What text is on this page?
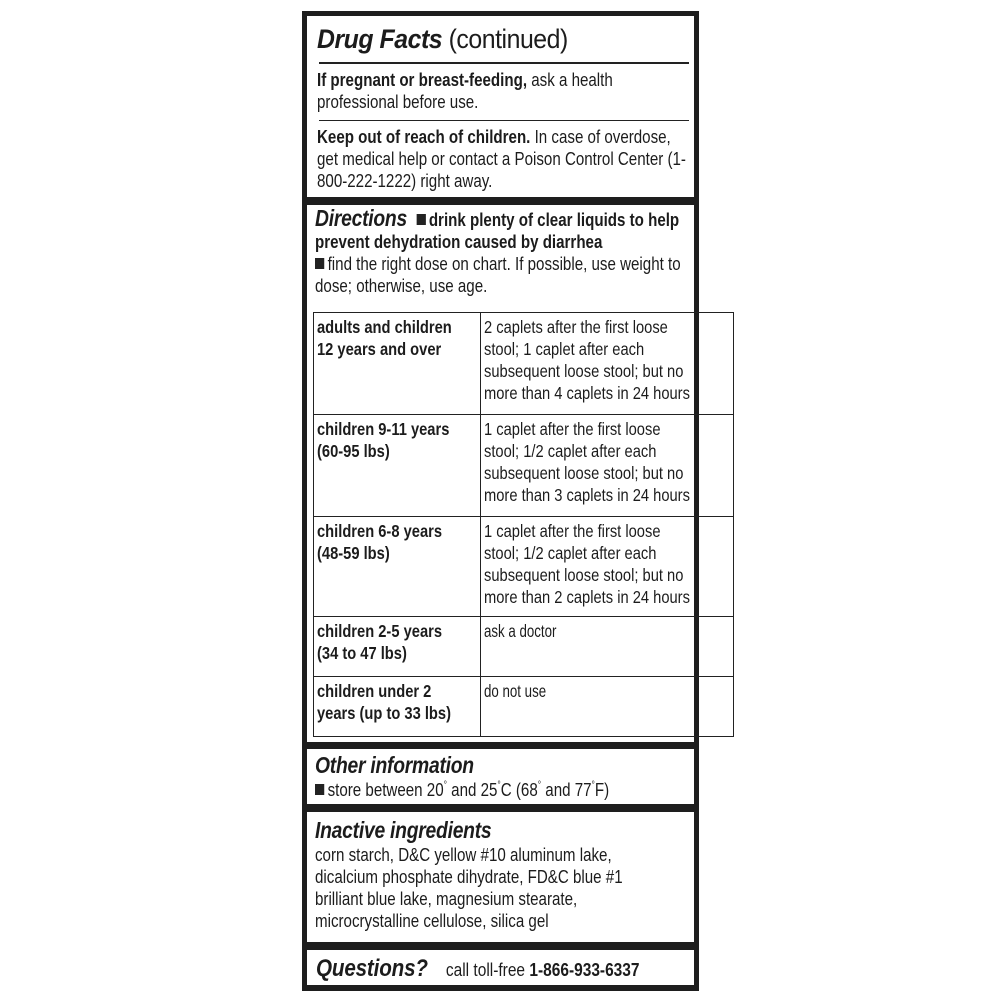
Drug Facts (continued)
If pregnant or breast-feeding, ask a health professional before use.
Keep out of reach of children. In case of overdose, get medical help or contact a Poison Control Center (1-800-222-1222) right away.
Directions drink plenty of clear liquids to help prevent dehydration caused by diarrhea
find the right dose on chart. If possible, use weight to dose; otherwise, use age.
adults and children
12 years and over	2 caplets after the first loose
stool; 1 caplet after each
subsequent loose stool; but no
more than 4 caplets in 24 hours

children 9-11 years
(60-95 lbs)	1 caplet after the first loose
stool; 1/2 caplet after each
subsequent loose stool; but no
more than 3 caplets in 24 hours

children 6-8 years
(48-59 lbs)	1 caplet after the first loose
stool; 1/2 caplet after each
subsequent loose stool; but no
more than 2 caplets in 24 hours

children 2-5 years
(34 to 47 lbs)	ask a doctor

children under 2
years (up to 33 lbs)	do not use
Other information
store between 20° and 25°C (68° and 77°F)
Inactive ingredients
corn starch, D&C yellow #10 aluminum lake,
dicalcium phosphate dihydrate, FD&C blue #1
brilliant blue lake, magnesium stearate,
microcrystalline cellulose, silica gel
Questions? call toll-free 1-866-933-6337
